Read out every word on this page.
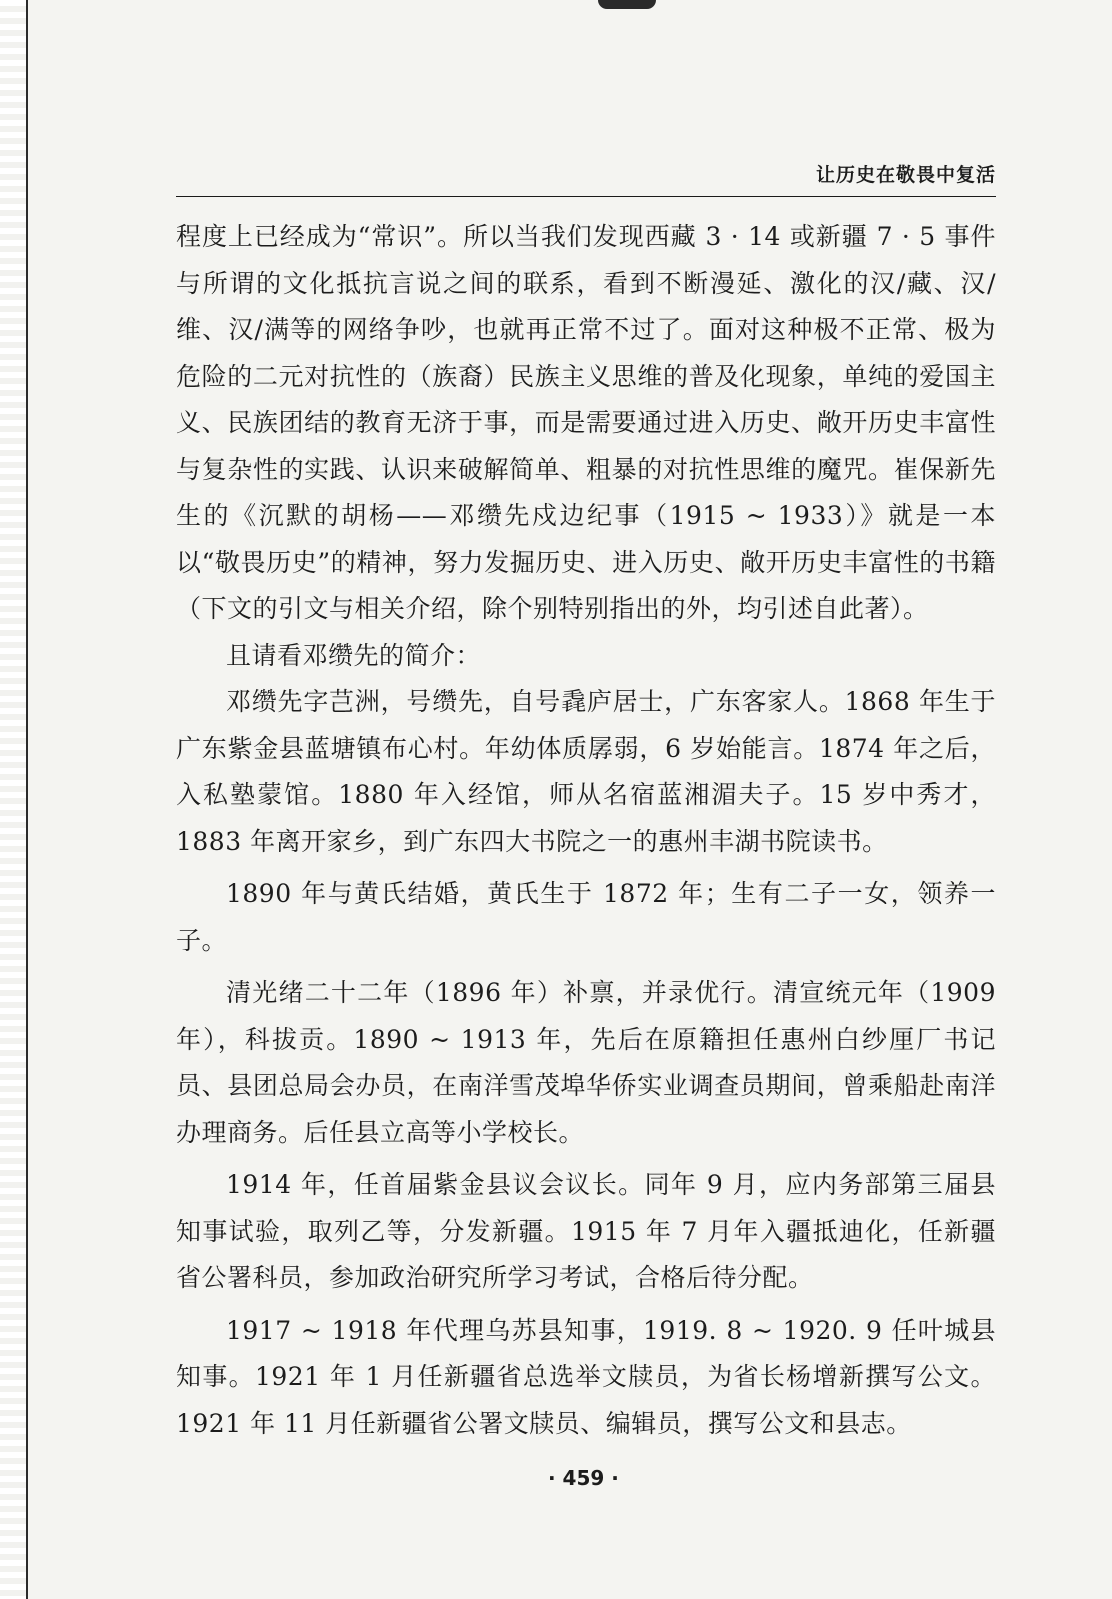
让历史在敬畏中复活

程度上已经成为“常识”。所以当我们发现西藏 3 · 14 或新疆 7 · 5 事件与所谓的文化抵抗言说之间的联系，看到不断漫延、激化的汉/藏、汉/维、汉/满等的网络争吵，也就再正常不过了。面对这种极不正常、极为危险的二元对抗性的（族裔）民族主义思维的普及化现象，单纯的爱国主义、民族团结的教育无济于事，而是需要通过进入历史、敞开历史丰富性与复杂性的实践、认识来破解简单、粗暴的对抗性思维的魔咒。崔保新先生的《沉默的胡杨——邓缵先戍边纪事（1915 ~ 1933）》就是一本以“敬畏历史”的精神，努力发掘历史、进入历史、敞开历史丰富性的书籍（下文的引文与相关介绍，除个别特别指出的外，均引述自此著）。

且请看邓缵先的简介：

邓缵先字芑洲，号缵先，自号毳庐居士，广东客家人。1868 年生于广东紫金县蓝塘镇布心村。年幼体质孱弱，6 岁始能言。1874 年之后，入私塾蒙馆。1880 年入经馆，师从名宿蓝湘湄夫子。15 岁中秀才，1883 年离开家乡，到广东四大书院之一的惠州丰湖书院读书。

1890 年与黄氏结婚，黄氏生于 1872 年；生有二子一女，领养一子。

清光绪二十二年（1896 年）补禀，并录优行。清宣统元年（1909 年），科拔贡。1890 ~ 1913 年，先后在原籍担任惠州白纱厘厂书记员、县团总局会办员，在南洋雪茂埠华侨实业调查员期间，曾乘船赴南洋办理商务。后任县立高等小学校长。

1914 年，任首届紫金县议会议长。同年 9 月，应内务部第三届县知事试验，取列乙等，分发新疆。1915 年 7 月年入疆抵迪化，任新疆省公署科员，参加政治研究所学习考试，合格后待分配。

1917 ~ 1918 年代理乌苏县知事，1919. 8 ~ 1920. 9 任叶城县知事。1921 年 1 月任新疆省总选举文牍员，为省长杨增新撰写公文。1921 年 11 月任新疆省公署文牍员、编辑员，撰写公文和县志。

· 459 ·
